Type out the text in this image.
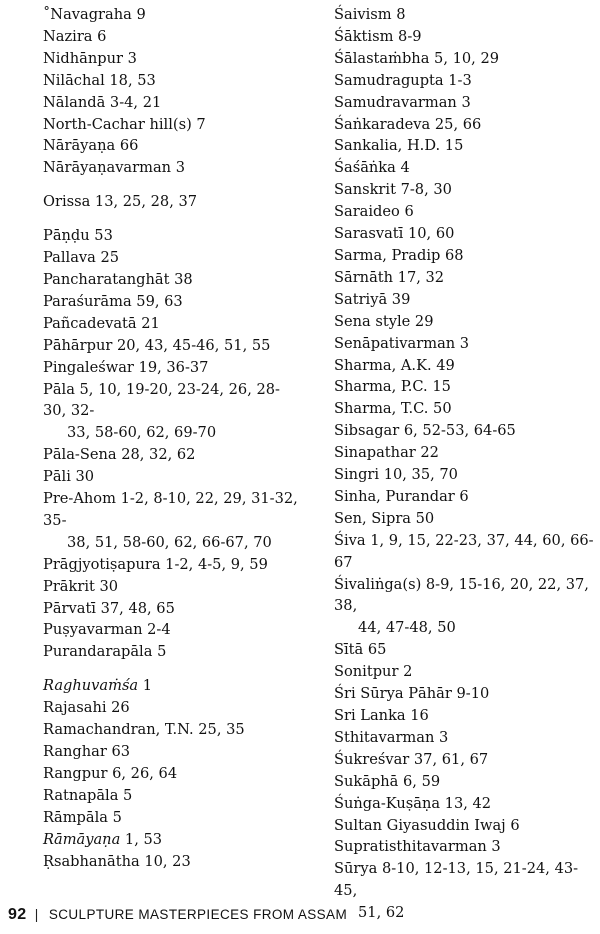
˚Navagraha 9

Nazira 6

Nidhānpur 3

Nilāchal 18, 53

Nālandā 3-4, 21

North-Cachar hill(s) 7

Nārāyaṇa 66

Nārāyaṇavarman 3

Orissa 13, 25, 28, 37

Pāṇḍu 53

Pallava 25

Pancharatanghāt 38

Paraśurāma 59, 63

Pañcadevatā 21

Pāhārpur 20, 43, 45-46, 51, 55

Pingaleśwar 19, 36-37

Pāla 5, 10, 19-20, 23-24, 26, 28-30, 32-
33, 58-60, 62, 69-70

Pāla-Sena 28, 32, 62

Pāli 30

Pre-Ahom 1-2, 8-10, 22, 29, 31-32, 35-
38, 51, 58-60, 62, 66-67, 70

Prāgjyotiṣapura 1-2, 4-5, 9, 59

Prākrit 30

Pārvatī 37, 48, 65

Puṣyavarman 2-4

Purandarapāla 5

Raghuvaṁśa 1

Rajasahi 26

Ramachandran, T.N. 25, 35

Ranghar 63

Rangpur 6, 26, 64

Ratnapāla 5

Rāmpāla 5

Rāmāyaṇa 1, 53

Ṛsabhanātha 10, 23

Śaivism 8

Śāktism 8-9

Śālastaṁbha 5, 10, 29

Samudragupta 1-3

Samudravarman 3

Śaṅkaradeva 25, 66

Sankalia, H.D. 15

Śaśāṅka 4

Sanskrit 7-8, 30

Saraideo 6

Sarasvatī 10, 60

Sarma, Pradip 68

Sārnāth 17, 32

Satriyā 39

Sena style 29

Senāpativarman 3

Sharma, A.K. 49

Sharma, P.C. 15

Sharma, T.C. 50

Sibsagar 6, 52-53, 64-65

Sinapathar 22

Singri 10, 35, 70

Sinha, Purandar 6

Sen, Sipra 50

Śiva 1, 9, 15, 22-23, 37, 44, 60, 66-67

Śivaliṅga(s) 8-9, 15-16, 20, 22, 37, 38,
44, 47-48, 50

Sītā 65

Sonitpur 2

Śri Sūrya Pāhār 9-10

Sri Lanka 16

Sthitavarman 3

Śukreśvar 37, 61, 67

Sukāphā 6, 59

Śuṅga-Kuṣāṇa 13, 42

Sultan Giyasuddin Iwaj 6

Supratisthitavarman 3

Sūrya 8-10, 12-13, 15, 21-24, 43-45,
51, 62

92 | SCULPTURE MASTERPIECES FROM ASSAM
